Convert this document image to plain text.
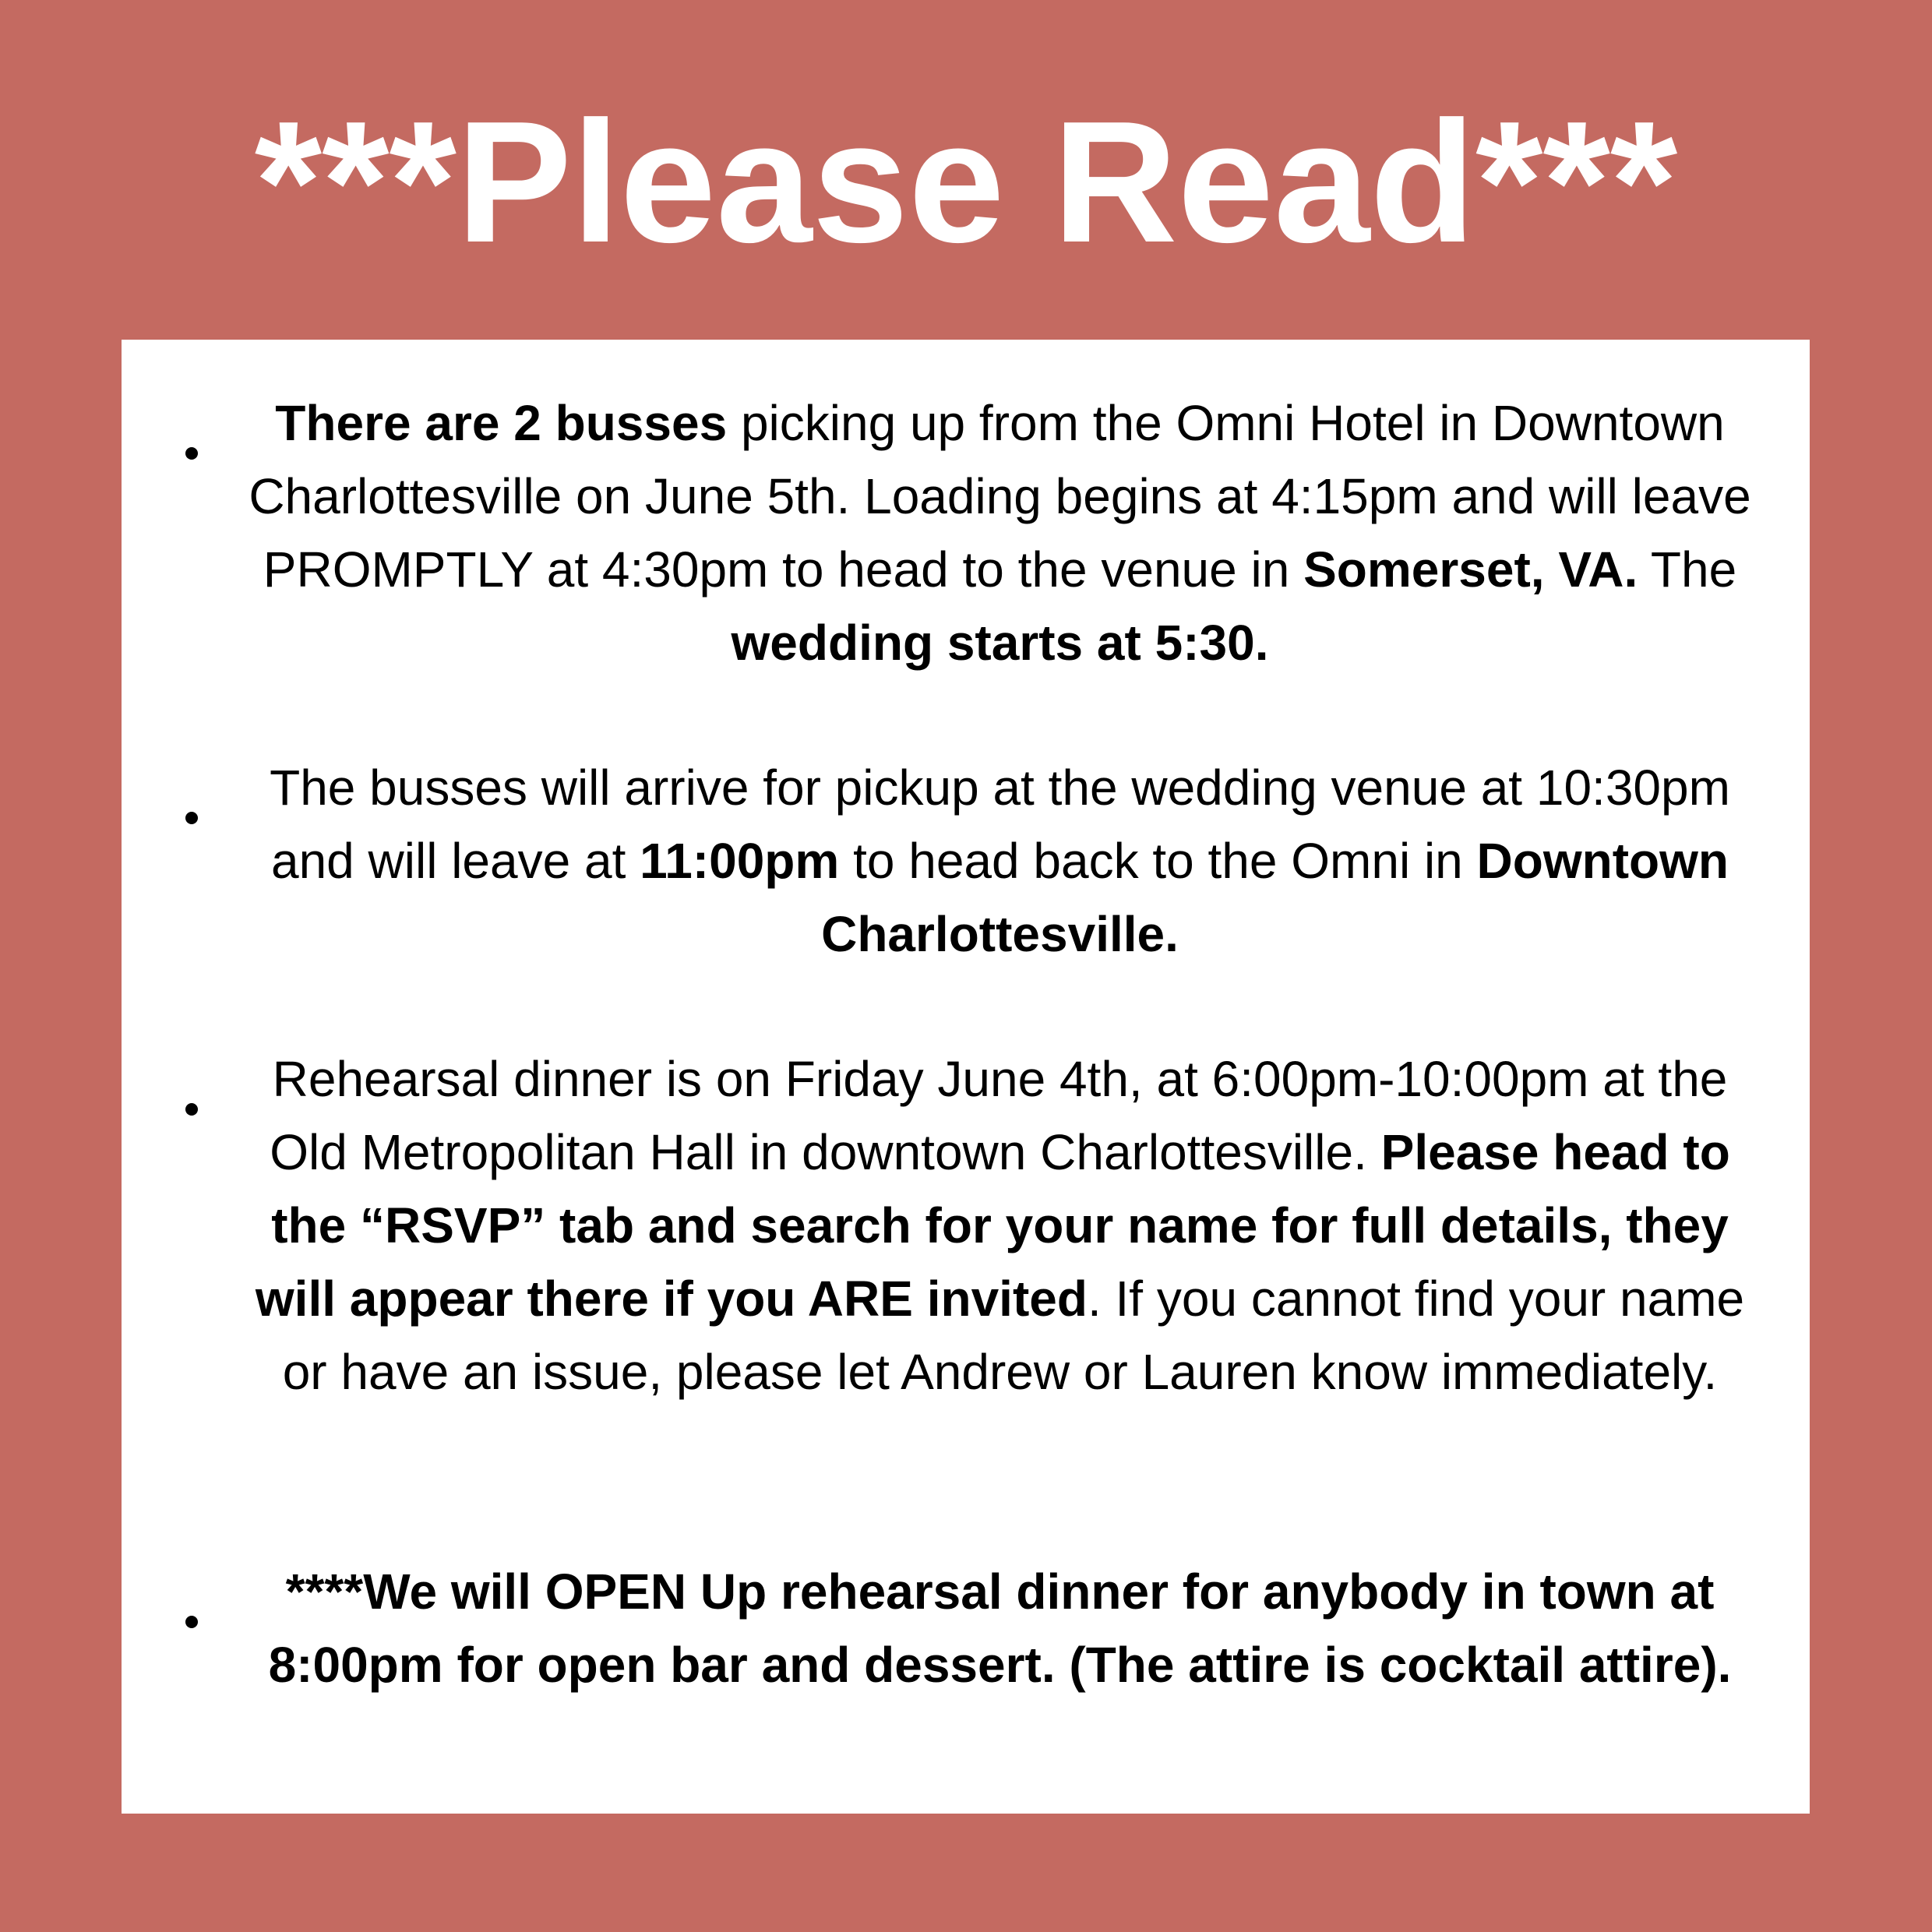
***Please Read***

There are 2 busses picking up from the Omni Hotel in Downtown Charlottesville on June 5th. Loading begins at 4:15pm and will leave PROMPTLY at 4:30pm to head to the venue in Somerset, VA. The wedding starts at 5:30.

The busses will arrive for pickup at the wedding venue at 10:30pm and will leave at 11:00pm to head back to the Omni in Downtown Charlottesville.

Rehearsal dinner is on Friday June 4th, at 6:00pm-10:00pm at the Old Metropolitan Hall in downtown Charlottesville. Please head to the “RSVP” tab and search for your name for full details, they will appear there if you ARE invited. If you cannot find your name or have an issue, please let Andrew or Lauren know immediately.

****We will OPEN Up rehearsal dinner for anybody in town at 8:00pm for open bar and dessert. (The attire is cocktail attire).
